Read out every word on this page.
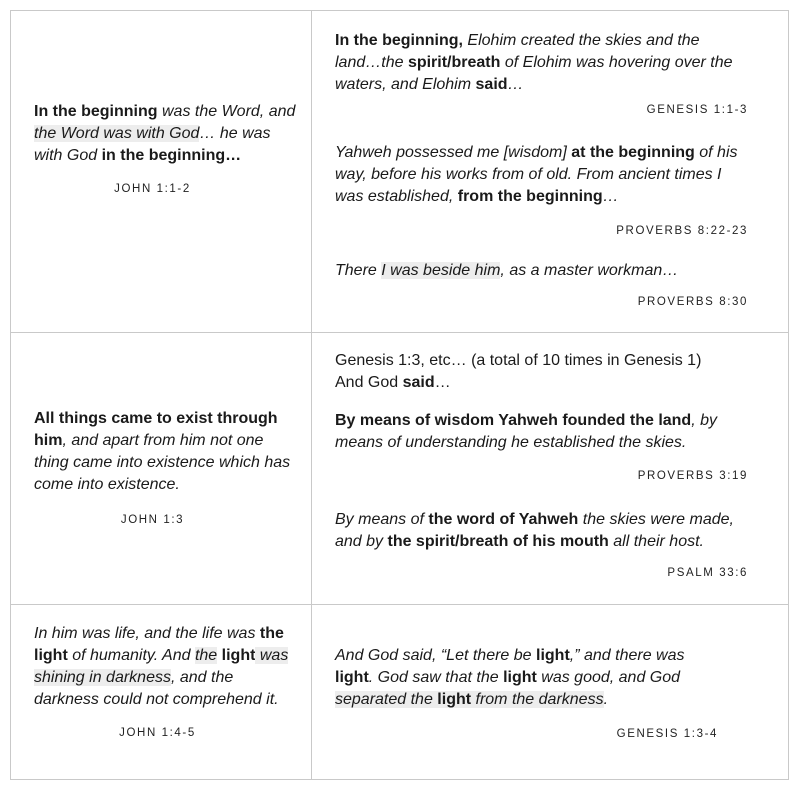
In the beginning was the Word, and the Word was with God… he was with God in the beginning…

JOHN 1:1-2

In the beginning, Elohim created the skies and the land…the spirit/breath of Elohim was hovering over the waters, and Elohim said…

GENESIS 1:1-3

Yahweh possessed me [wisdom] at the beginning of his way, before his works from of old. From ancient times I was established, from the beginning…

PROVERBS 8:22-23

There I was beside him, as a master workman…

PROVERBS 8:30

All things came to exist through him, and apart from him not one thing came into existence which has come into existence.

JOHN 1:3

Genesis 1:3, etc… (a total of 10 times in Genesis 1)

And God said…

By means of wisdom Yahweh founded the land, by means of understanding he established the skies.

PROVERBS 3:19

By means of the word of Yahweh the skies were made, and by the spirit/breath of his mouth all their host.

PSALM 33:6

In him was life, and the life was the light of humanity. And the light was shining in darkness, and the darkness could not comprehend it.

JOHN 1:4-5

And God said, “Let there be light,” and there was light. God saw that the light was good, and God separated the light from the darkness.

GENESIS 1:3-4
